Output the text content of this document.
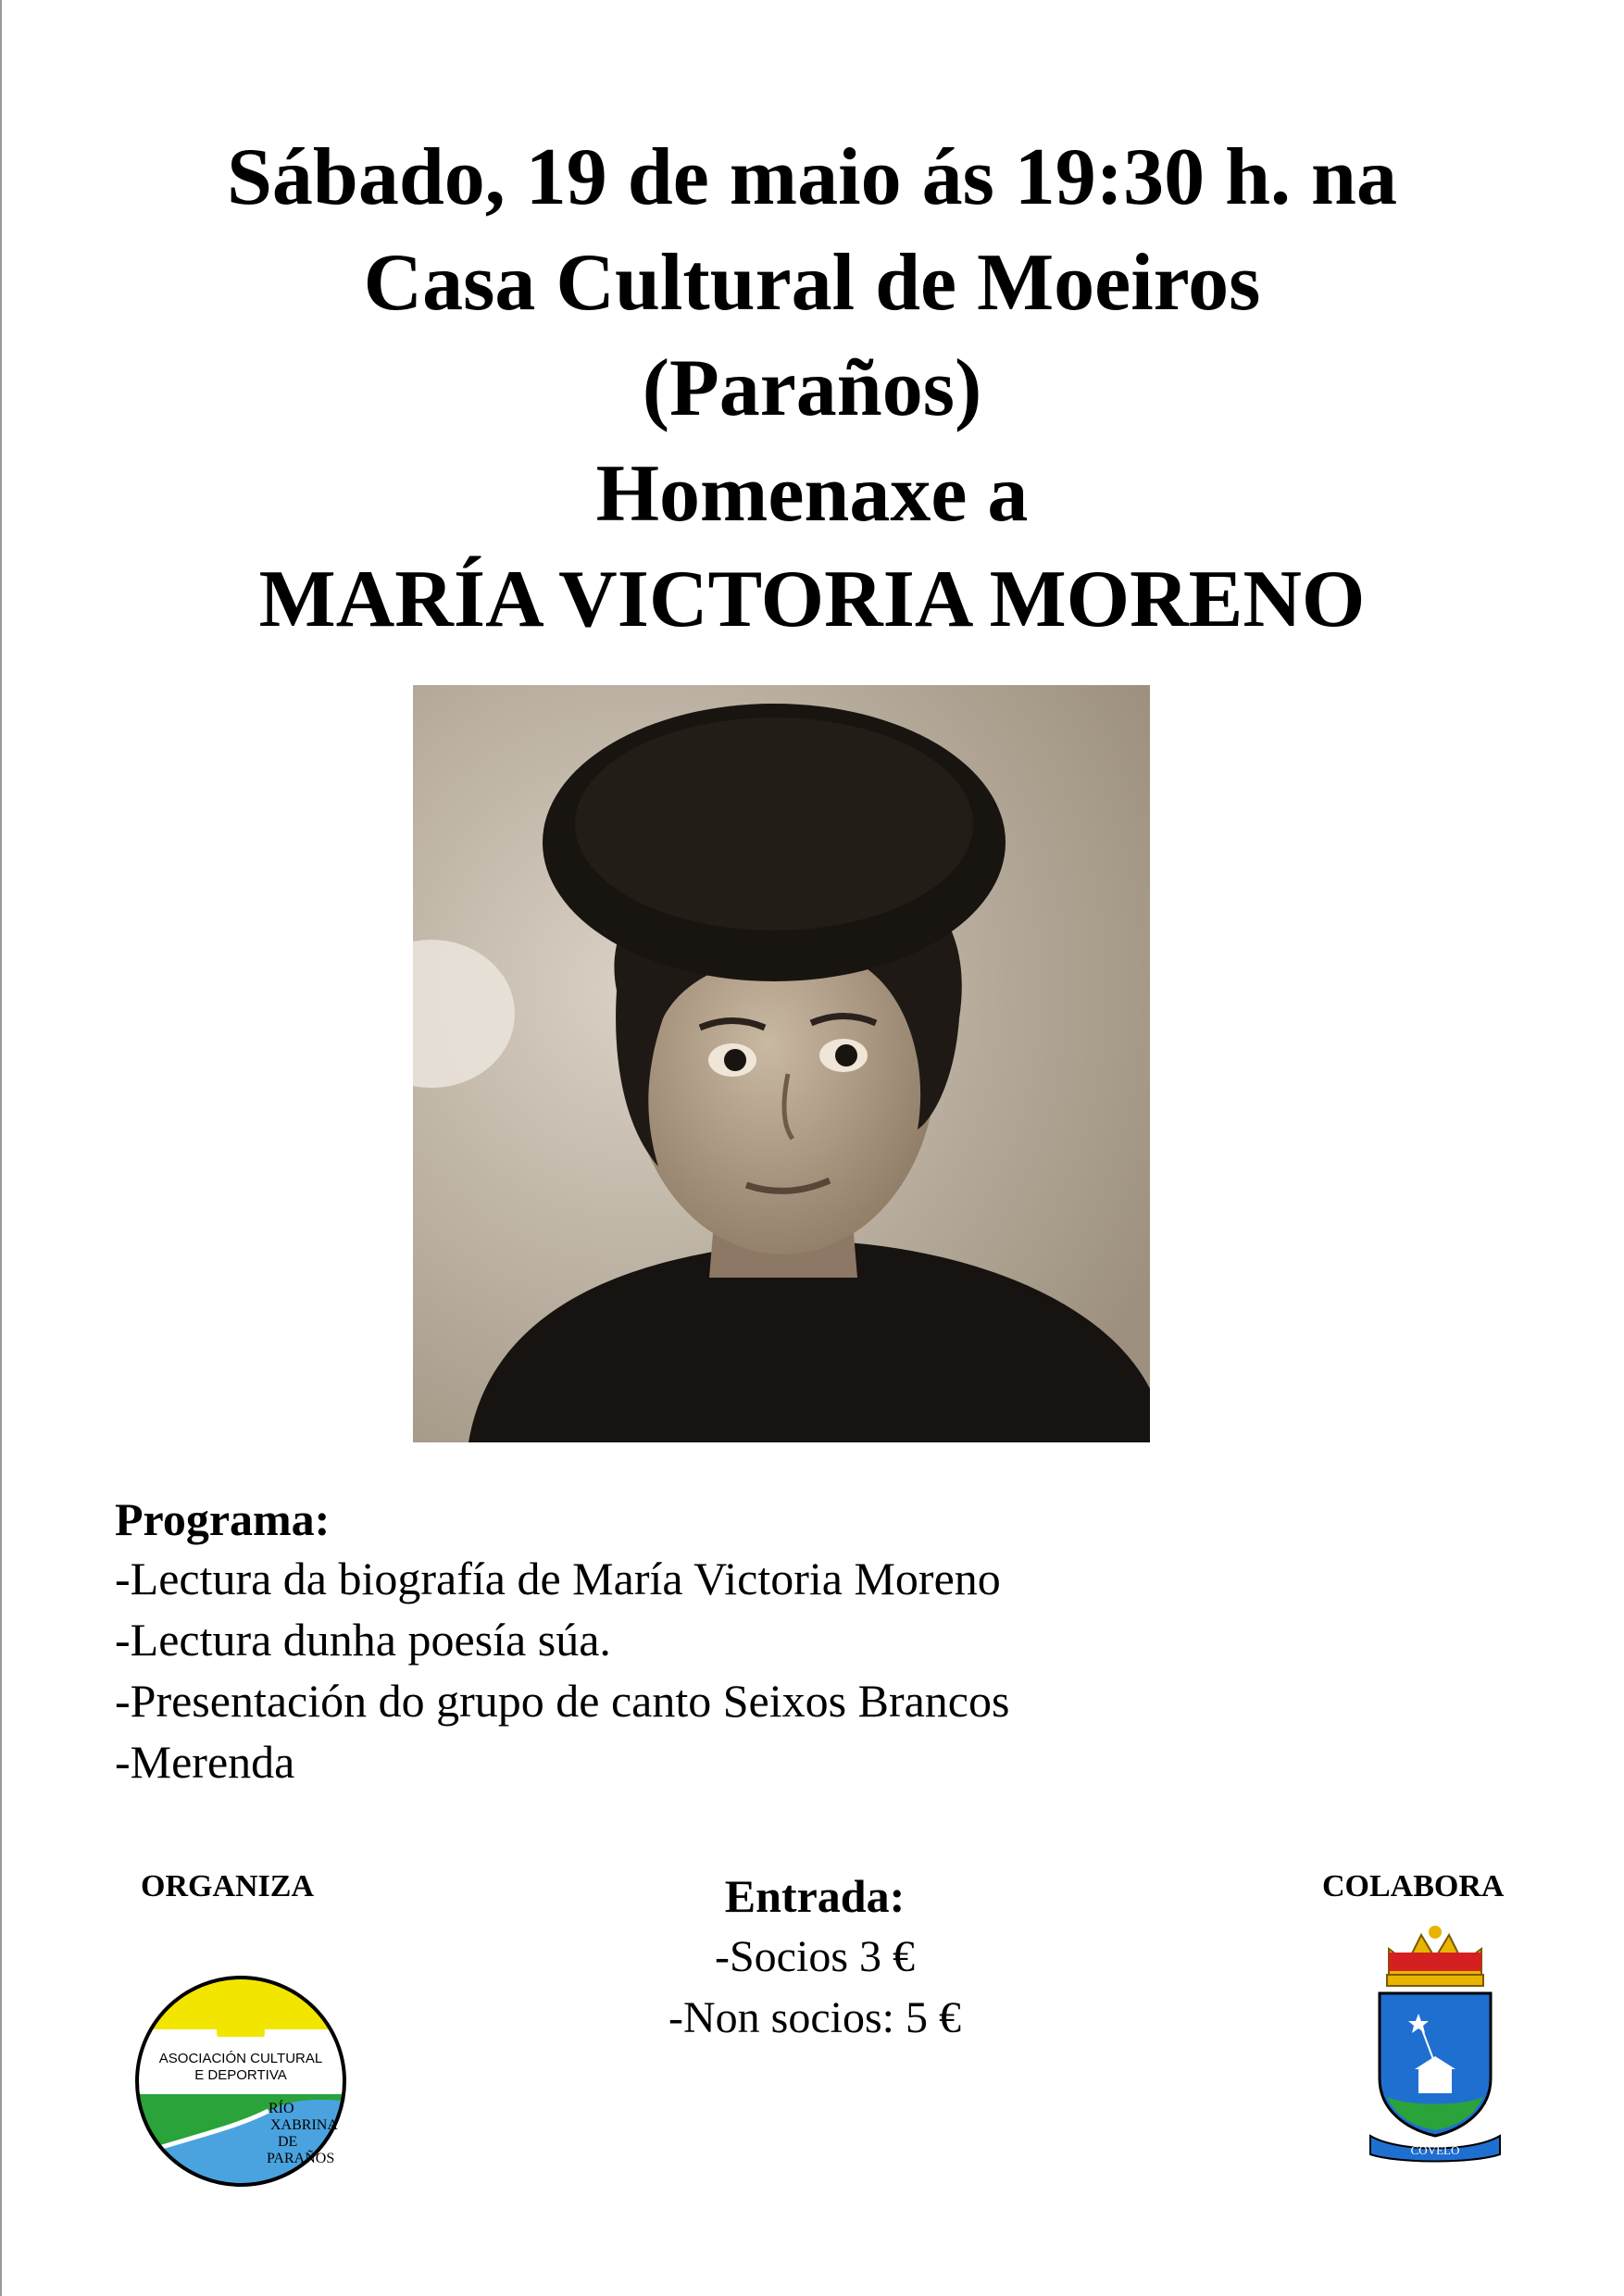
Sábado, 19 de maio ás 19:30 h. na
Casa Cultural de Moeiros
(Paraños)
Homenaxe a
MARÍA VICTORIA MORENO
Programa:
-Lectura da biografía de María Victoria Moreno
-Lectura dunha poesía súa.
-Presentación do grupo de canto Seixos Brancos
-Merenda
ORGANIZA
ASOCIACIÓN CULTURAL
E DEPORTIVA
RÍO
XABRINA
DE
PARAÑOS
Entrada:
-Socios 3 €
-Non socios: 5 €
COLABORA
COVELO
